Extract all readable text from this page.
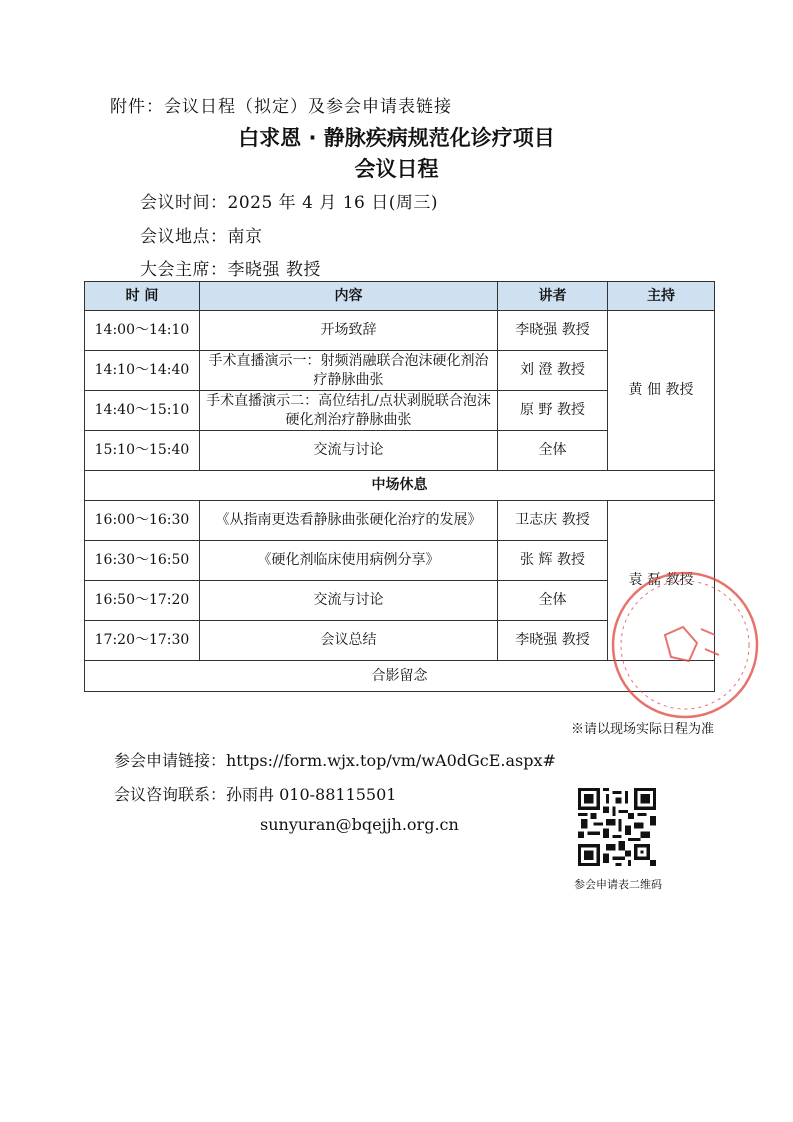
附件：会议日程（拟定）及参会申请表链接
白求恩 · 静脉疾病规范化诊疗项目
会议日程
会议时间：2025 年 4 月 16 日(周三)
会议地点：南京
大会主席：李晓强 教授
时 间	内容	讲者	主持
14:00～14:10	开场致辞	李晓强 教授	黄 佃 教授
14:10～14:40	手术直播演示一：射频消融联合泡沫硬化剂治疗静脉曲张	刘 澄 教授	
14:40～15:10	手术直播演示二：高位结扎/点状剥脱联合泡沫硬化剂治疗静脉曲张	原 野 教授	
15:10～15:40	交流与讨论	全体	
中场休息			
16:00～16:30	《从指南更迭看静脉曲张硬化治疗的发展》	卫志庆 教授	袁 磊 教授
16:30～16:50	《硬化剂临床使用病例分享》	张 辉 教授	
16:50～17:20	交流与讨论	全体	
17:20～17:30	会议总结	李晓强 教授	
合影留念			
※请以现场实际日程为准
参会申请链接：https://form.wjx.top/vm/wA0dGcE.aspx#
会议咨询联系：孙雨冉 010-88115501
sunyuran@bqejjh.org.cn
参会申请表二维码
